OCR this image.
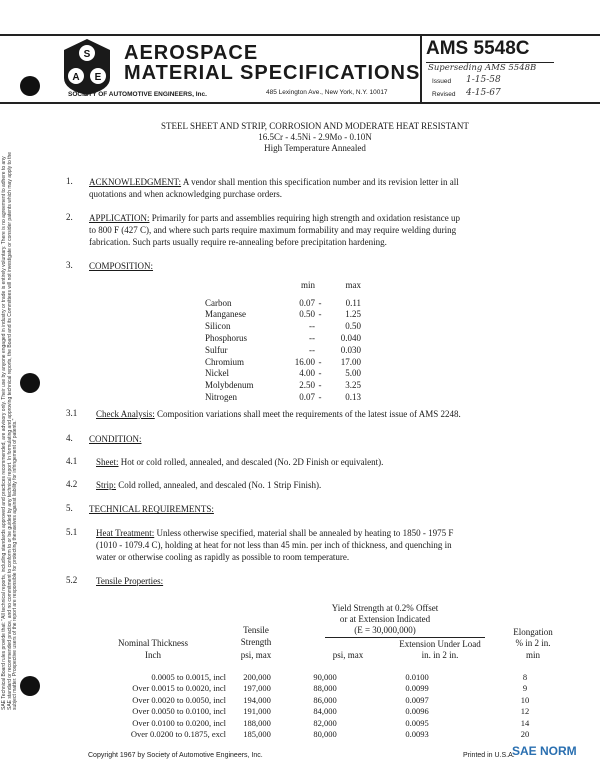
SAE Technical Board rules provide that: "All technical reports, including standards approved and practices recommended, are advisory only. Their use by anyone engaged in industry or trade is entirely voluntary. There is no agreement to adhere to any SAE standard or recommended practice, and no commitment to conform to or be guided by any technical report. In formulating and approving technical reports, the Board and its Committees will not investigate or consider patents which may apply to the subject matter. Prospective users of the report are responsible for protecting themselves against liability for infringement of patents."
S
A E
AEROSPACE
MATERIAL SPECIFICATIONS
SOCIETY OF AUTOMOTIVE ENGINEERS, Inc.	485 Lexington Ave., New York, N.Y. 10017
AMS 5548C
Superseding AMS 5548B
Issued 1-15-58
Revised 4-15-67
STEEL SHEET AND STRIP, CORROSION AND MODERATE HEAT RESISTANT
16.5Cr - 4.5Ni - 2.9Mo - 0.10N
High Temperature Annealed
1. ACKNOWLEDGMENT: A vendor shall mention this specification number and its revision letter in all
quotations and when acknowledging purchase orders.
2. APPLICATION: Primarily for parts and assemblies requiring high strength and oxidation resistance up
to 800 F (427 C), and where such parts require maximum formability and may require welding during
fabrication. Such parts usually require re-annealing before precipitation hardening.
3. COMPOSITION:
	min		max

Carbon	0.07	-	0.11
Manganese	0.50	-	1.25
Silicon	--		0.50
Phosphorus	--		0.040
Sulfur	--		0.030
Chromium	16.00	-	17.00
Nickel	4.00	-	5.00
Molybdenum	2.50	-	3.25
Nitrogen	0.07	-	0.13
3.1 Check Analysis: Composition variations shall meet the requirements of the latest issue of AMS 2248.
4. CONDITION:
4.1 Sheet: Hot or cold rolled, annealed, and descaled (No. 2D Finish or equivalent).
4.2 Strip: Cold rolled, annealed, and descaled (No. 1 Strip Finish).
5. TECHNICAL REQUIREMENTS:
5.1 Heat Treatment: Unless otherwise specified, material shall be annealed by heating to 1850 - 1975 F
(1010 - 1079.4 C), holding at heat for not less than 45 min. per inch of thickness, and quenching in
water or otherwise cooling as rapidly as possible to room temperature.
5.2 Tensile Properties:
Yield Strength at 0.2% Offset
or at Extension Indicated
(E = 30,000,000)
Tensile
Strength
psi, max	psi, max
Extension Under Load
in. in 2 in.
Elongation
% in 2 in.
min
Nominal Thickness
Inch
0.0005 to 0.0015, incl	200,000	90,000	0.0100	8
Over 0.0015 to 0.0020, incl	197,000	88,000	0.0099	9
Over 0.0020 to 0.0050, incl	194,000	86,000	0.0097	10
Over 0.0050 to 0.0100, incl	191,000	84,000	0.0096	12
Over 0.0100 to 0.0200, incl	188,000	82,000	0.0095	14
Over 0.0200 to 0.1875, excl	185,000	80,000	0.0093	20
Copyright 1967 by Society of Automotive Engineers, Inc.	Printed in U.S.A.
SAE NORM
